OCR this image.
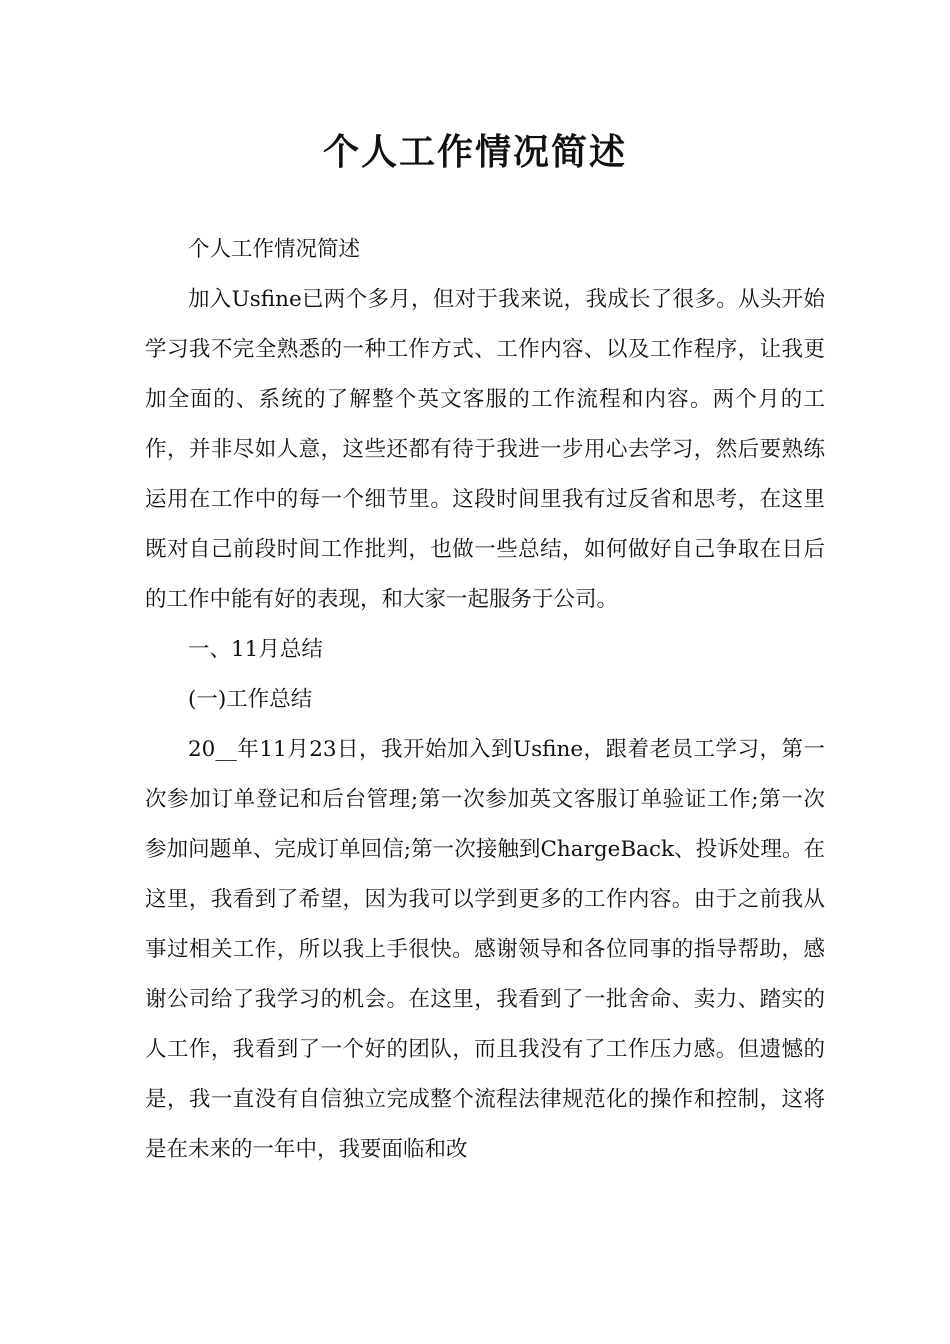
个人工作情况简述

个人工作情况简述

加入Usfine已两个多月，但对于我来说，我成长了很多。从头开始学习我不完全熟悉的一种工作方式、工作内容、以及工作程序，让我更加全面的、系统的了解整个英文客服的工作流程和内容。两个月的工作，并非尽如人意，这些还都有待于我进一步用心去学习，然后要熟练运用在工作中的每一个细节里。这段时间里我有过反省和思考，在这里既对自己前段时间工作批判，也做一些总结，如何做好自己争取在日后的工作中能有好的表现，和大家一起服务于公司。

一、11月总结

(一)工作总结

20__年11月23日，我开始加入到Usfine，跟着老员工学习，第一次参加订单登记和后台管理;第一次参加英文客服订单验证工作;第一次参加问题单、完成订单回信;第一次接触到ChargeBack、投诉处理。在这里，我看到了希望，因为我可以学到更多的工作内容。由于之前我从事过相关工作，所以我上手很快。感谢领导和各位同事的指导帮助，感谢公司给了我学习的机会。在这里，我看到了一批舍命、卖力、踏实的人工作，我看到了一个好的团队，而且我没有了工作压力感。但遗憾的是，我一直没有自信独立完成整个流程法律规范化的操作和控制，这将是在未来的一年中，我要面临和改
